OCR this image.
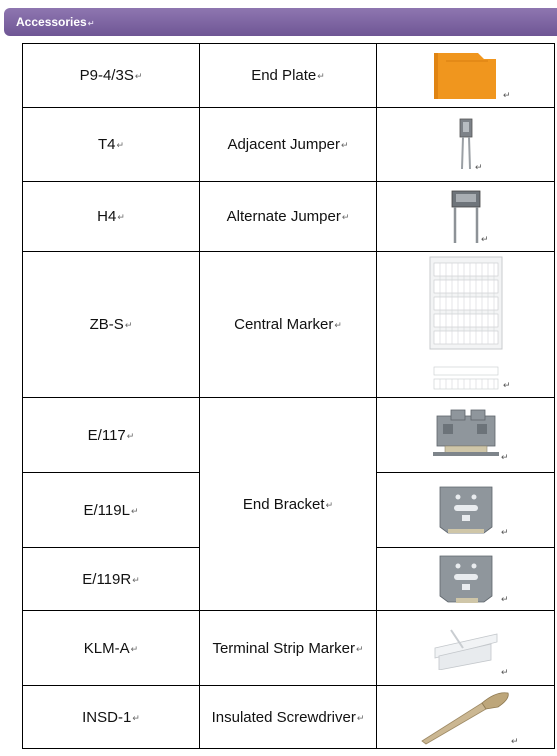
Accessories↵
P9-4/3S↵	End Plate↵	↵

T4↵	Adjacent Jumper↵	↵

H4↵	Alternate Jumper↵	↵

ZB-S↵	Central Marker↵	↵

E/117↵	End Bracket↵	↵

E/119L↵		↵

E/119R↵		↵

KLM-A↵	Terminal Strip Marker↵	↵

INSD-1↵	Insulated Screwdriver↵	↵
